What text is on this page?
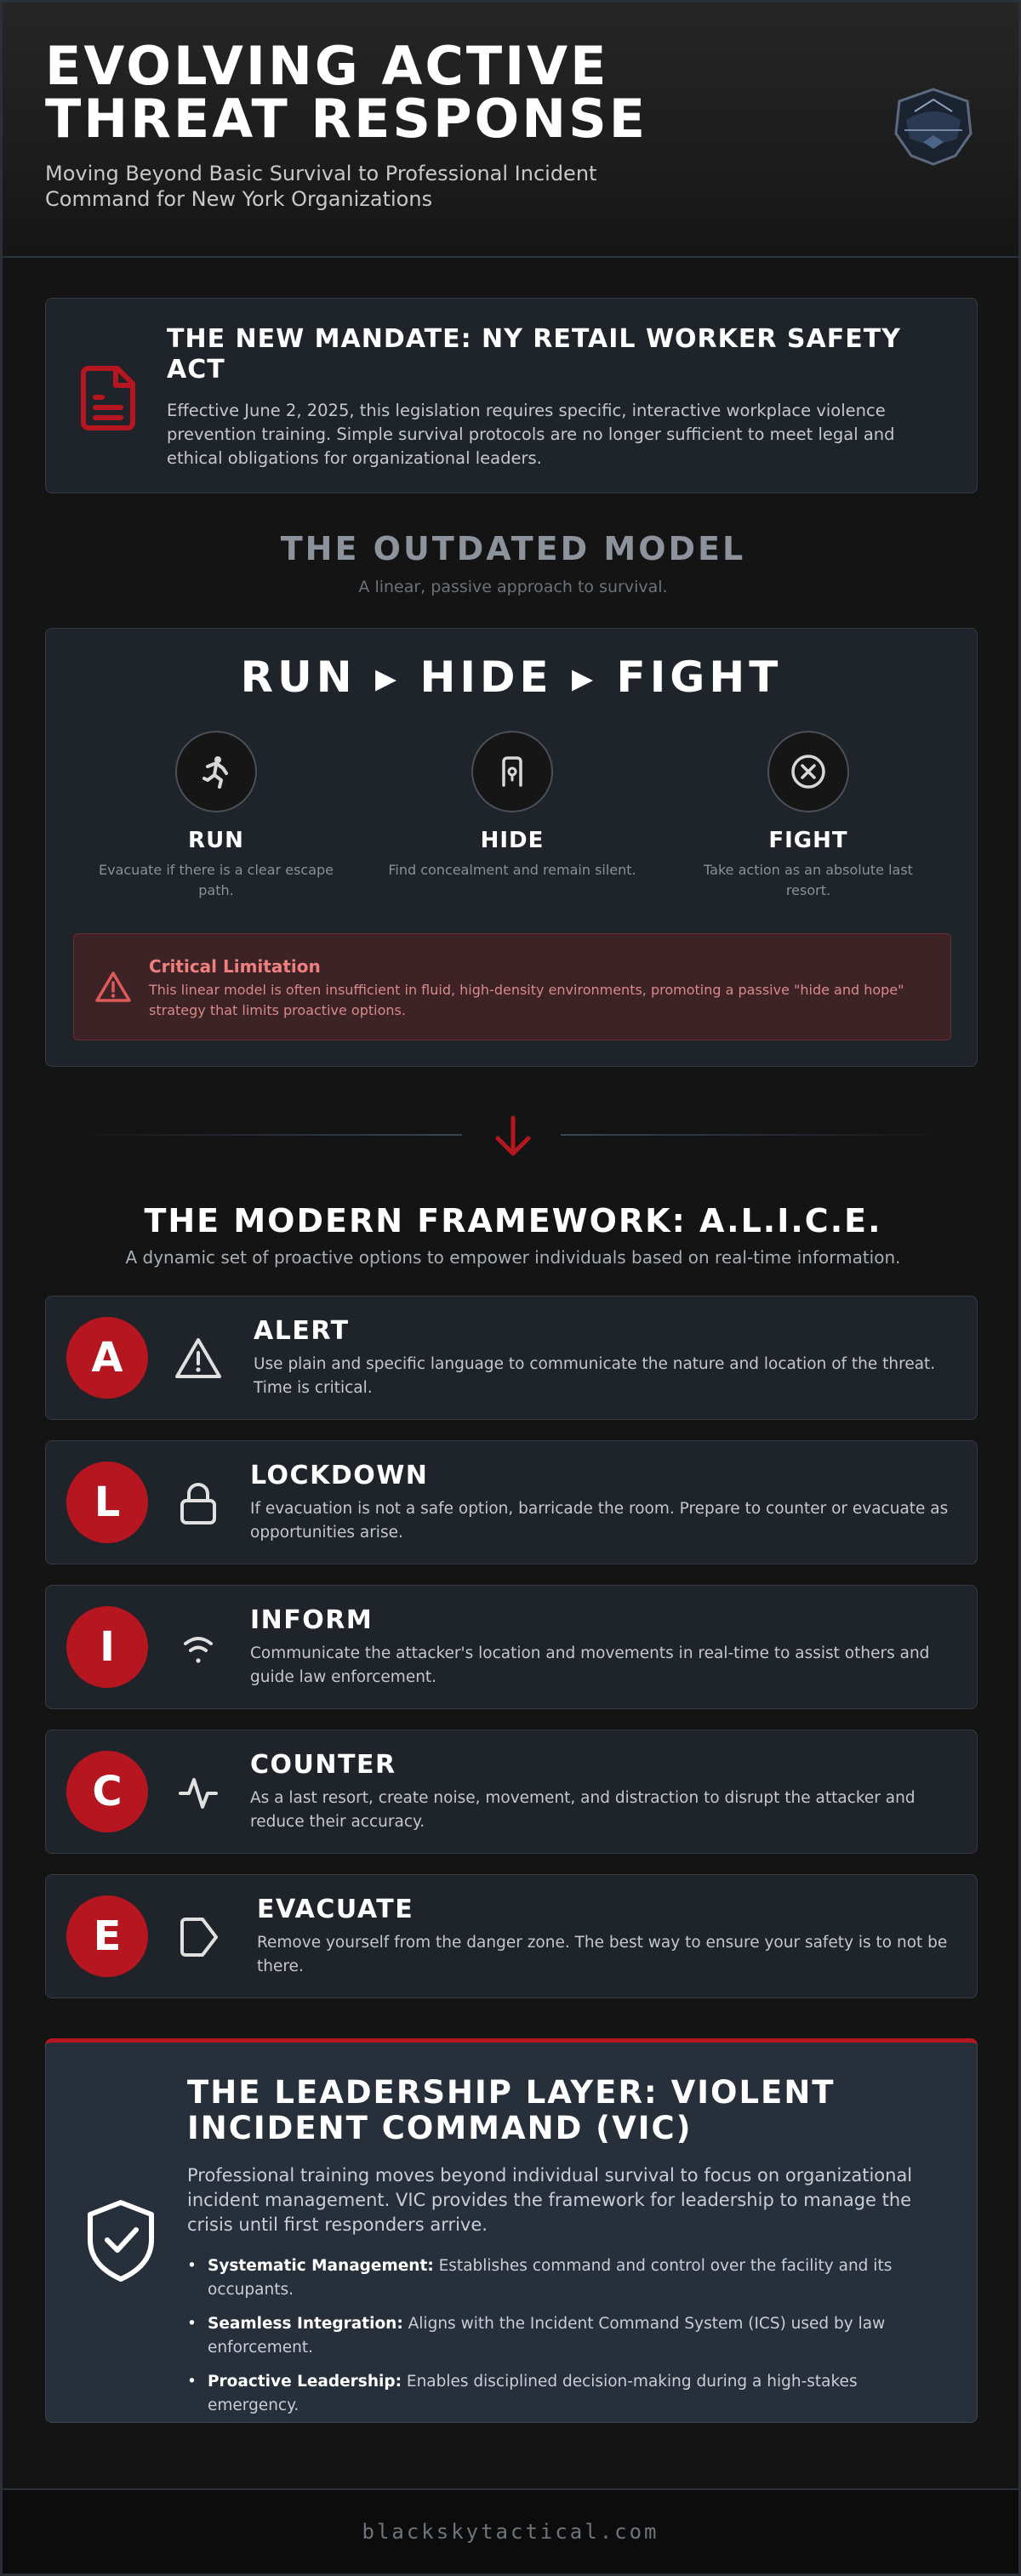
EVOLVING ACTIVE THREAT RESPONSE
Moving Beyond Basic Survival to Professional Incident Command for New York Organizations
THE NEW MANDATE: NY RETAIL WORKER SAFETY ACT

Effective June 2, 2025, this legislation requires specific, interactive workplace violence prevention training. Simple survival protocols are no longer sufficient to meet legal and ethical obligations for organizational leaders.

THE OUTDATED MODEL
A linear, passive approach to survival.
RUN ▸ HIDE ▸ FIGHT
RUN

Evacuate if there is a clear escape path.

HIDE

Find concealment and remain silent.

FIGHT

Take action as an absolute last resort.

Critical Limitation

This linear model is often insufficient in fluid, high-density environments, promoting a passive "hide and hope" strategy that limits proactive options.

THE MODERN FRAMEWORK: A.L.I.C.E.
A dynamic set of proactive options to empower individuals based on real-time information.
A
ALERT

Use plain and specific language to communicate the nature and location of the threat. Time is critical.

L
LOCKDOWN

If evacuation is not a safe option, barricade the room. Prepare to counter or evacuate as opportunities arise.

I
INFORM

Communicate the attacker's location and movements in real-time to assist others and guide law enforcement.

C
COUNTER

As a last resort, create noise, movement, and distraction to disrupt the attacker and reduce their accuracy.

E
EVACUATE

Remove yourself from the danger zone. The best way to ensure your safety is to not be there.

THE LEADERSHIP LAYER: VIOLENT INCIDENT COMMAND (VIC)

Professional training moves beyond individual survival to focus on organizational incident management. VIC provides the framework for leadership to manage the crisis until first responders arrive.

• Systematic Management: Establishes command and control over the facility and its occupants.
• Seamless Integration: Aligns with the Incident Command System (ICS) used by law enforcement.
• Proactive Leadership: Enables disciplined decision-making during a high-stakes emergency.
blackskytactical.com
